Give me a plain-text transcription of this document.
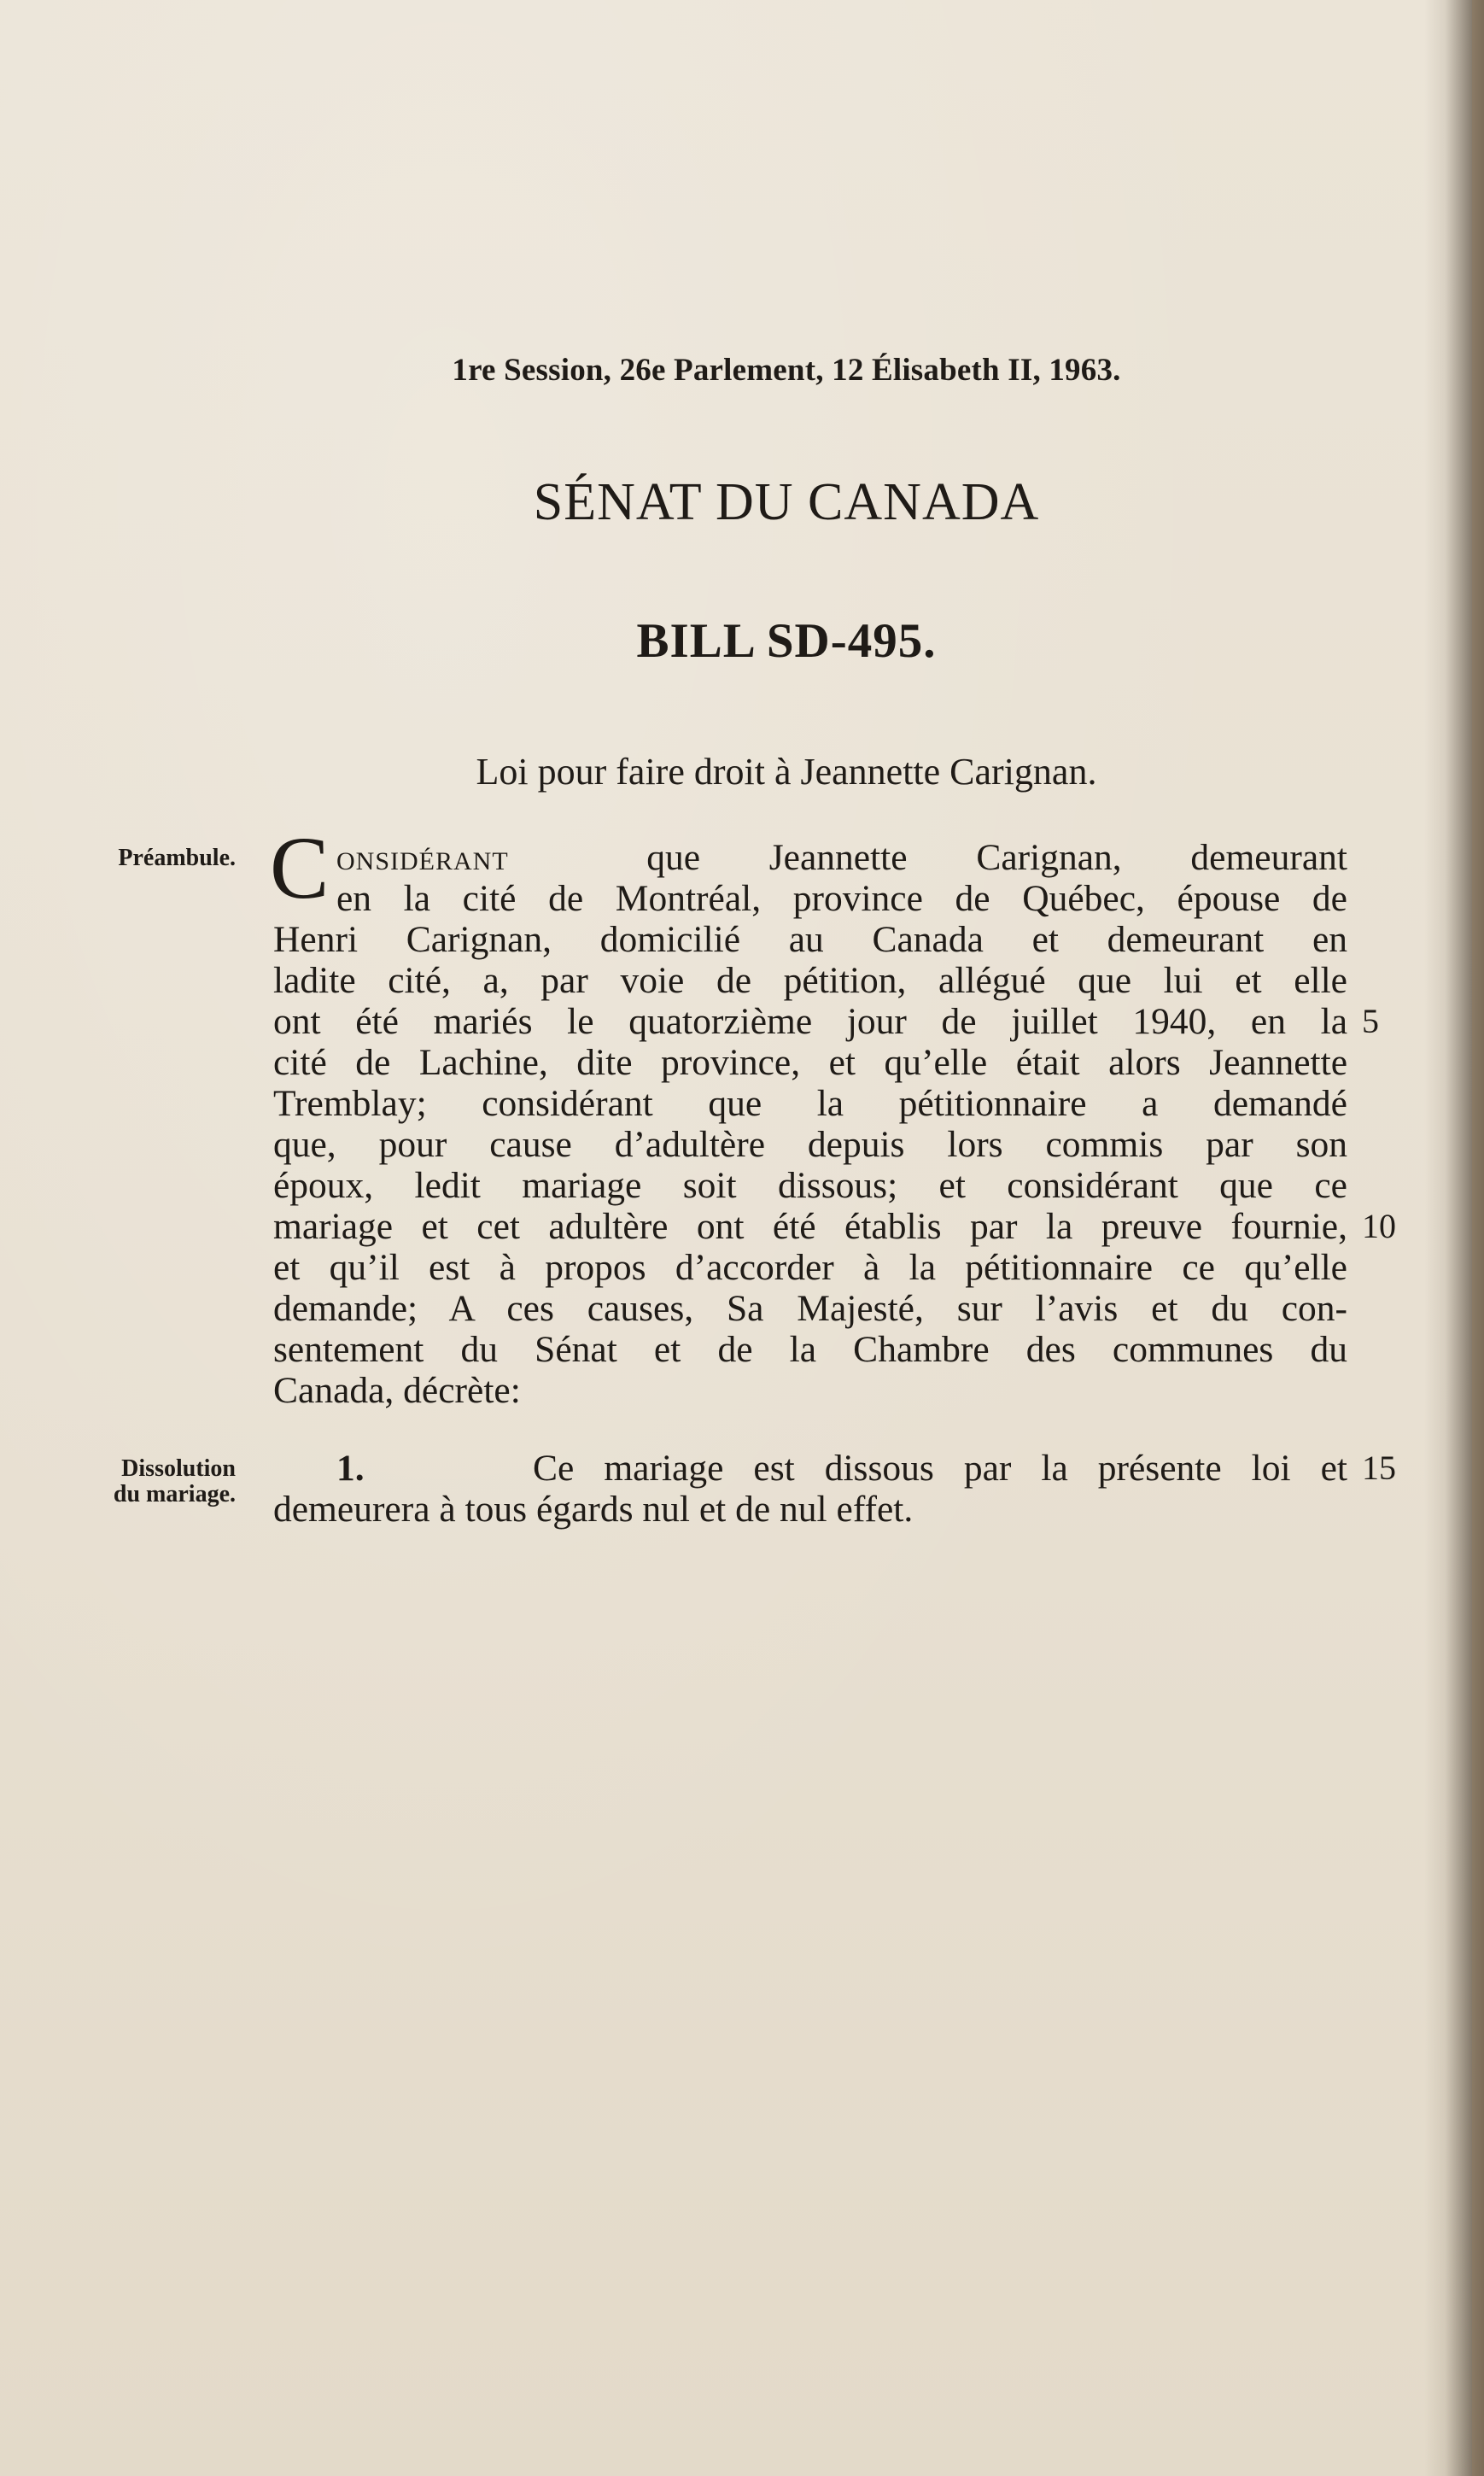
1re Session, 26e Parlement, 12 Élisabeth II, 1963.
SÉNAT DU CANADA
BILL SD-495.
Loi pour faire droit à Jeannette Carignan.
Préambule.
Dissolution
du mariage.
C onsidérant	que Jeannette Carignan, demeurant
en la cité de Montréal, province de Québec, épouse de
Henri Carignan, domicilié au Canada et demeurant en
ladite cité, a, par voie de pétition, allégué que lui et elle
ont été mariés le quatorzième jour de juillet 1940, en la
cité de Lachine, dite province, et qu’elle était alors Jeannette
Tremblay; considérant que la pétitionnaire a demandé
que, pour cause d’adultère depuis lors commis par son
époux, ledit mariage soit dissous; et considérant que ce
mariage et cet adultère ont été établis par la preuve fournie,
et qu’il est à propos d’accorder à la pétitionnaire ce qu’elle
demande; A ces causes, Sa Majesté, sur l’avis et du con-
sentement du Sénat et de la Chambre des communes du
Canada, décrète:
1.	Ce mariage est dissous par la présente loi et
demeurera à tous égards nul et de nul effet.
5
10
15
